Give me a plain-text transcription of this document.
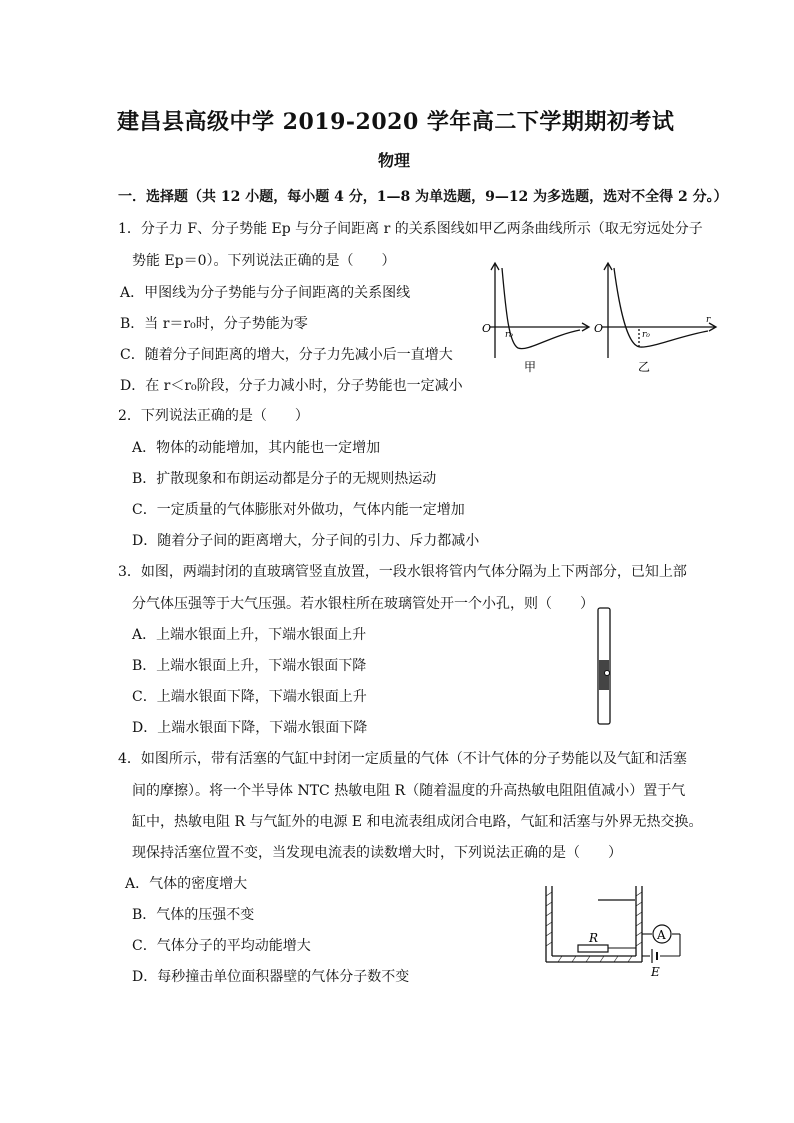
建昌县高级中学 2019-2020 学年高二下学期期初考试
物理
一．选择题（共 12 小题，每小题 4 分，1—8 为单选题，9—12 为多选题，选对不全得 2 分。）
1．分子力 F、分子势能 Ep 与分子间距离 r 的关系图线如甲乙两条曲线所示（取无穷远处分子
势能 Ep＝0）。下列说法正确的是（　　）
A．甲图线为分子势能与分子间距离的关系图线
B．当 r＝r₀时，分子势能为零
C．随着分子间距离的增大，分子力先减小后一直增大
D．在 r＜r₀阶段，分子力减小时，分子势能也一定减小
O r₀
甲
O	r₀
r
乙
2．下列说法正确的是（　　）
A．物体的动能增加，其内能也一定增加
B．扩散现象和布朗运动都是分子的无规则热运动
C．一定质量的气体膨胀对外做功，气体内能一定增加
D．随着分子间的距离增大，分子间的引力、斥力都减小
3．如图，两端封闭的直玻璃管竖直放置，一段水银将管内气体分隔为上下两部分，已知上部
分气体压强等于大气压强。若水银柱所在玻璃管处开一个小孔，则（　　）
A．上端水银面上升，下端水银面上升
B．上端水银面上升，下端水银面下降
C．上端水银面下降，下端水银面上升
D．上端水银面下降，下端水银面下降
4．如图所示，带有活塞的气缸中封闭一定质量的气体（不计气体的分子势能以及气缸和活塞
间的摩擦）。将一个半导体 NTC 热敏电阻 R（随着温度的升高热敏电阻阻值减小）置于气
缸中，热敏电阻 R 与气缸外的电源 E 和电流表组成闭合电路，气缸和活塞与外界无热交换。
现保持活塞位置不变，当发现电流表的读数增大时，下列说法正确的是（　　）
A．气体的密度增大
B．气体的压强不变
C．气体分子的平均动能增大
D．每秒撞击单位面积器壁的气体分子数不变
R	A
E
